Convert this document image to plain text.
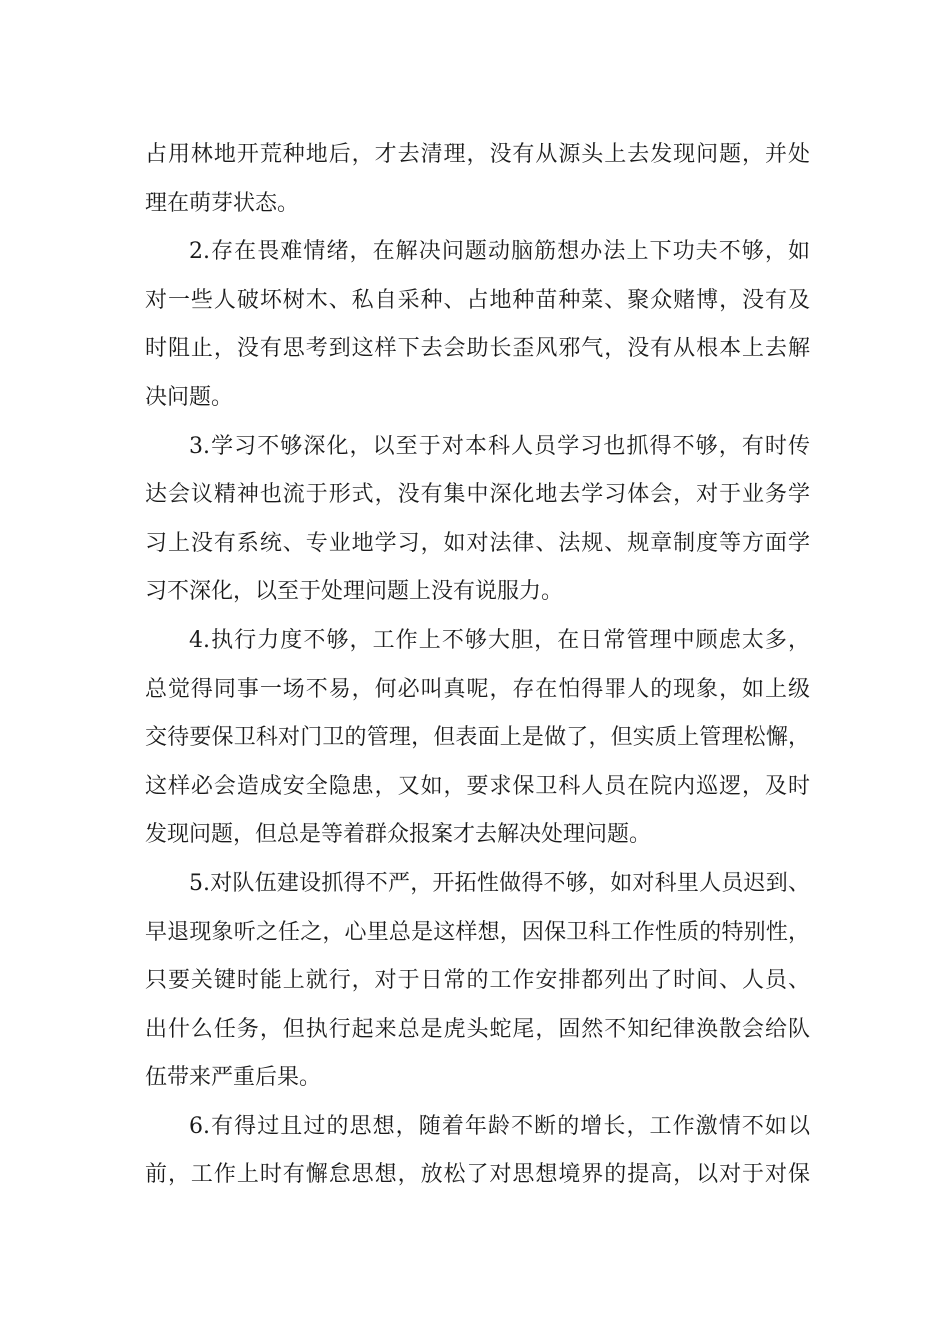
占用林地开荒种地后，才去清理，没有从源头上去发现问题，并处
理在萌芽状态。
2.存在畏难情绪，在解决问题动脑筋想办法上下功夫不够，如
对一些人破坏树木、私自采种、占地种苗种菜、聚众赌博，没有及
时阻止，没有思考到这样下去会助长歪风邪气，没有从根本上去解
决问题。
3.学习不够深化，以至于对本科人员学习也抓得不够，有时传
达会议精神也流于形式，没有集中深化地去学习体会，对于业务学
习上没有系统、专业地学习，如对法律、法规、规章制度等方面学
习不深化，以至于处理问题上没有说服力。
4.执行力度不够，工作上不够大胆，在日常管理中顾虑太多，
总觉得同事一场不易，何必叫真呢，存在怕得罪人的现象，如上级
交待要保卫科对门卫的管理，但表面上是做了，但实质上管理松懈，
这样必会造成安全隐患，又如，要求保卫科人员在院内巡逻，及时
发现问题，但总是等着群众报案才去解决处理问题。
5.对队伍建设抓得不严，开拓性做得不够，如对科里人员迟到、
早退现象听之任之，心里总是这样想，因保卫科工作性质的特别性，
只要关键时能上就行，对于日常的工作安排都列出了时间、人员、
出什么任务，但执行起来总是虎头蛇尾，固然不知纪律涣散会给队
伍带来严重后果。
6.有得过且过的思想，随着年龄不断的增长，工作激情不如以
前，工作上时有懈怠思想，放松了对思想境界的提高，以对于对保
